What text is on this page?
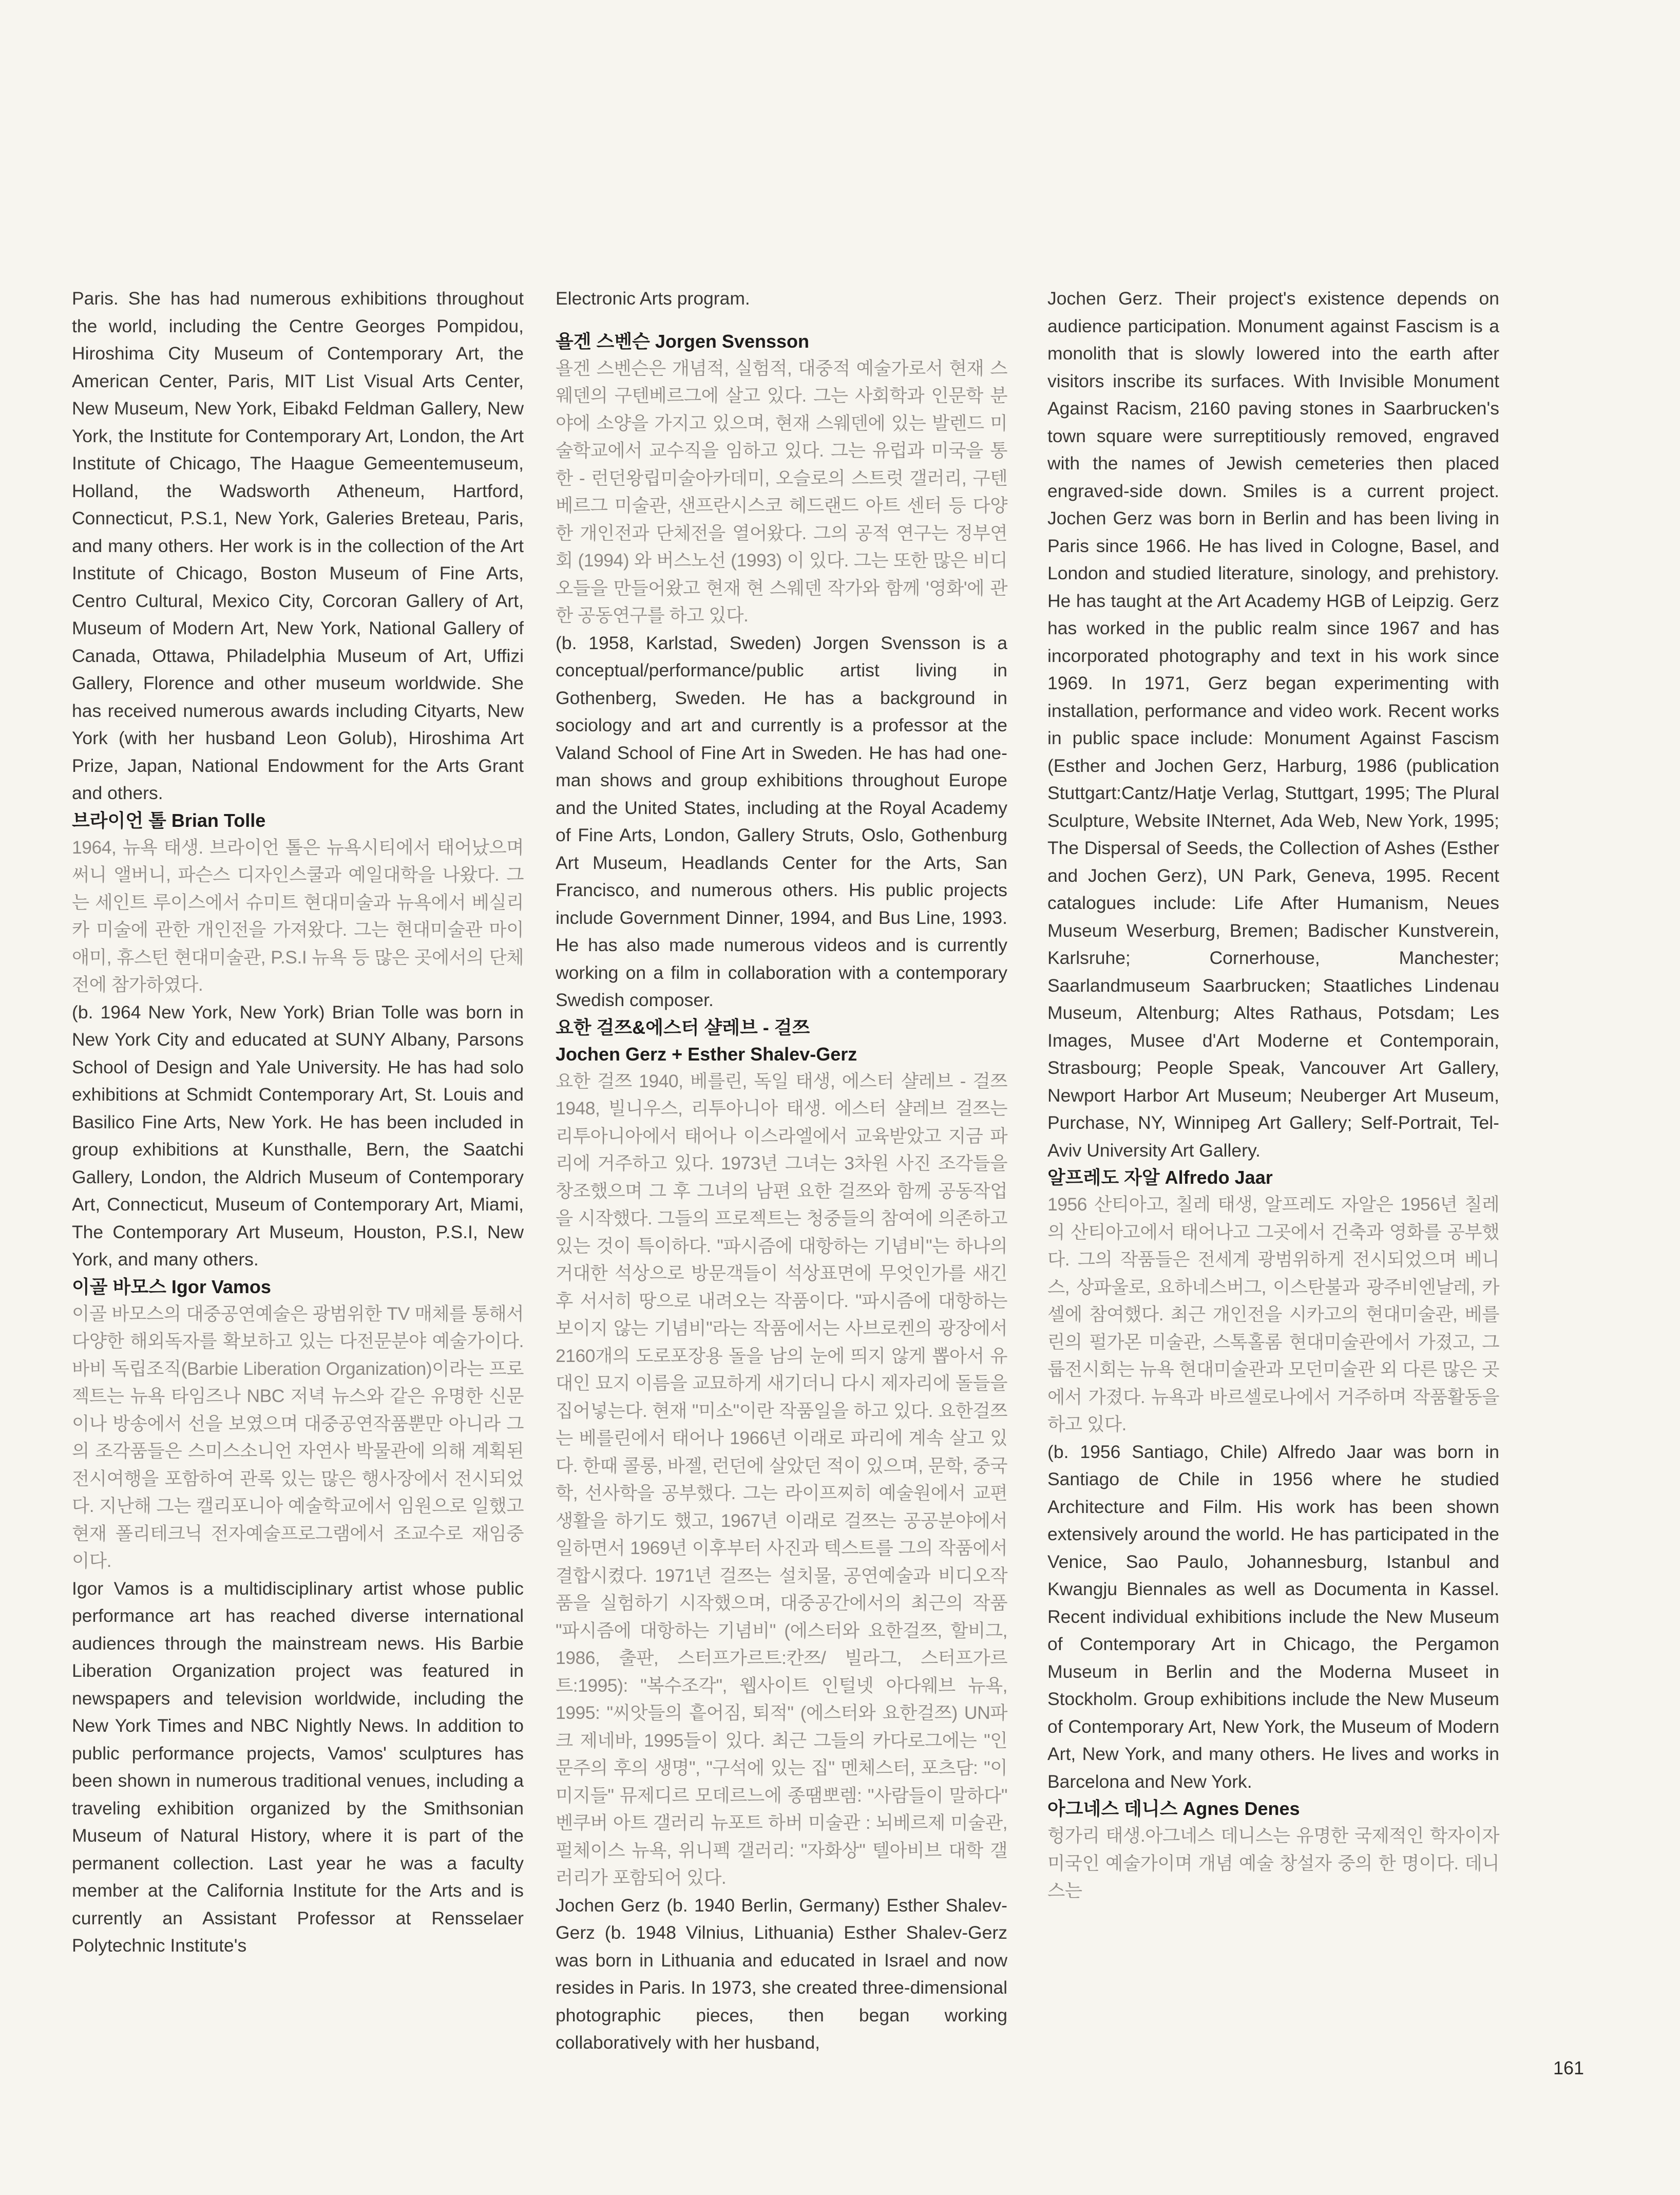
Paris. She has had numerous exhibitions throughout the world, including the Centre Georges Pompidou, Hiroshima City Museum of Contemporary Art, the American Center, Paris, MIT List Visual Arts Center, New Museum, New York, Eibakd Feldman Gallery, New York, the Institute for Contemporary Art, London, the Art Institute of Chicago, The Haague Gemeentemuseum, Holland, the Wadsworth Atheneum, Hartford, Connecticut, P.S.1, New York, Galeries Breteau, Paris, and many others. Her work is in the collection of the Art Institute of Chicago, Boston Museum of Fine Arts, Centro Cultural, Mexico City, Corcoran Gallery of Art, Museum of Modern Art, New York, National Gallery of Canada, Ottawa, Philadelphia Museum of Art, Uffizi Gallery, Florence and other museum worldwide. She has received numerous awards including Cityarts, New York (with her husband Leon Golub), Hiroshima Art Prize, Japan, National Endowment for the Arts Grant and others.

브라이언 톨 Brian Tolle

1964, 뉴욕 태생. 브라이언 톨은 뉴욕시티에서 태어났으며 써니 앨버니, 파슨스 디자인스쿨과 예일대학을 나왔다. 그는 세인트 루이스에서 슈미트 현대미술과 뉴욕에서 베실리카 미술에 관한 개인전을 가져왔다. 그는 현대미술관 마이애미, 휴스턴 현대미술관, P.S.I 뉴욕 등 많은 곳에서의 단체전에 참가하였다.

(b. 1964 New York, New York) Brian Tolle was born in New York City and educated at SUNY Albany, Parsons School of Design and Yale University. He has had solo exhibitions at Schmidt Contemporary Art, St. Louis and Basilico Fine Arts, New York. He has been included in group exhibitions at Kunsthalle, Bern, the Saatchi Gallery, London, the Aldrich Museum of Contemporary Art, Connecticut, Museum of Contemporary Art, Miami, The Contemporary Art Museum, Houston, P.S.I, New York, and many others.

이골 바모스 Igor Vamos

이골 바모스의 대중공연예술은 광범위한 TV 매체를 통해서 다양한 해외독자를 확보하고 있는 다전문분야 예술가이다. 바비 독립조직(Barbie Liberation Organization)이라는 프로젝트는 뉴욕 타임즈나 NBC 저녁 뉴스와 같은 유명한 신문이나 방송에서 선을 보였으며 대중공연작품뿐만 아니라 그의 조각품들은 스미스소니언 자연사 박물관에 의해 계획된 전시여행을 포함하여 관록 있는 많은 행사장에서 전시되었다. 지난해 그는 캘리포니아 예술학교에서 임원으로 일했고 현재 폴리테크닉 전자예술프로그램에서 조교수로 재임중이다.

Igor Vamos is a multidisciplinary artist whose public performance art has reached diverse international audiences through the mainstream news. His Barbie Liberation Organization project was featured in newspapers and television worldwide, including the New York Times and NBC Nightly News. In addition to public performance projects, Vamos' sculptures has been shown in numerous traditional venues, including a traveling exhibition organized by the Smithsonian Museum of Natural History, where it is part of the permanent collection. Last year he was a faculty member at the California Institute for the Arts and is currently an Assistant Professor at Rensselaer Polytechnic Institute's

Electronic Arts program.

욜겐 스벤슨 Jorgen Svensson

욜겐 스벤슨은 개념적, 실험적, 대중적 예술가로서 현재 스웨덴의 구텐베르그에 살고 있다. 그는 사회학과 인문학 분야에 소양을 가지고 있으며, 현재 스웨덴에 있는 발렌드 미술학교에서 교수직을 임하고 있다. 그는 유럽과 미국을 통한 - 런던왕립미술아카데미, 오슬로의 스트럿 갤러리, 구텐베르그 미술관, 샌프란시스코 헤드랜드 아트 센터 등 다양한 개인전과 단체전을 열어왔다. 그의 공적 연구는 정부연회 (1994) 와 버스노선 (1993) 이 있다. 그는 또한 많은 비디오들을 만들어왔고 현재 현 스웨덴 작가와 함께 '영화'에 관한 공동연구를 하고 있다.

(b. 1958, Karlstad, Sweden) Jorgen Svensson is a conceptual/performance/public artist living in Gothenberg, Sweden. He has a background in sociology and art and currently is a professor at the Valand School of Fine Art in Sweden. He has had one-man shows and group exhibitions throughout Europe and the United States, including at the Royal Academy of Fine Arts, London, Gallery Struts, Oslo, Gothenburg Art Museum, Headlands Center for the Arts, San Francisco, and numerous others. His public projects include Government Dinner, 1994, and Bus Line, 1993. He has also made numerous videos and is currently working on a film in collaboration with a contemporary Swedish composer.

요한 걸쯔&에스터 샬레브 - 걸쯔

Jochen Gerz + Esther Shalev-Gerz

요한 걸쯔 1940, 베를린, 독일 태생, 에스터 샬레브 - 걸쯔 1948, 빌니우스, 리투아니아 태생. 에스터 샬레브 걸쯔는 리투아니아에서 태어나 이스라엘에서 교육받았고 지금 파리에 거주하고 있다. 1973년 그녀는 3차원 사진 조각들을 창조했으며 그 후 그녀의 남편 요한 걸쯔와 함께 공동작업을 시작했다. 그들의 프로젝트는 청중들의 참여에 의존하고 있는 것이 특이하다. "파시즘에 대항하는 기념비"는 하나의 거대한 석상으로 방문객들이 석상표면에 무엇인가를 새긴 후 서서히 땅으로 내려오는 작품이다. "파시즘에 대항하는 보이지 않는 기념비"라는 작품에서는 사브로켄의 광장에서 2160개의 도로포장용 돌을 남의 눈에 띄지 않게 뽑아서 유대인 묘지 이름을 교묘하게 새기더니 다시 제자리에 돌들을 집어넣는다. 현재 "미소"이란 작품일을 하고 있다. 요한걸쯔는 베를린에서 태어나 1966년 이래로 파리에 계속 살고 있다. 한때 콜롱, 바젤, 런던에 살았던 적이 있으며, 문학, 중국학, 선사학을 공부했다. 그는 라이프찌히 예술원에서 교편생활을 하기도 했고, 1967년 이래로 걸쯔는 공공분야에서 일하면서 1969년 이후부터 사진과 텍스트를 그의 작품에서 결합시켰다. 1971년 걸쯔는 설치물, 공연예술과 비디오작품을 실험하기 시작했으며, 대중공간에서의 최근의 작품 "파시즘에 대항하는 기념비" (에스터와 요한걸쯔, 할비그, 1986, 출판, 스터프가르트:칸쯔/ 빌라그, 스터프가르트:1995): "복수조각", 웹사이트 인털넷 아다웨브 뉴욕, 1995: "씨앗들의 흩어짐, 퇴적" (에스터와 요한걸쯔) UN파크 제네바, 1995들이 있다. 최근 그들의 카다로그에는 "인문주의 후의 생명", "구석에 있는 집" 멘체스터, 포츠담: "이미지들" 뮤제디르 모데르느에 종땜뽀렘: "사람들이 말하다" 벤쿠버 아트 갤러리 뉴포트 하버 미술관 : 뇌베르제 미술관, 펄체이스 뉴욕, 위니펙 갤러리: "자화상" 텔아비브 대학 갤러리가 포함되어 있다.

Jochen Gerz (b. 1940 Berlin, Germany) Esther Shalev-Gerz (b. 1948 Vilnius, Lithuania) Esther Shalev-Gerz was born in Lithuania and educated in Israel and now resides in Paris. In 1973, she created three-dimensional photographic pieces, then began working collaboratively with her husband,

Jochen Gerz. Their project's existence depends on audience participation. Monument against Fascism is a monolith that is slowly lowered into the earth after visitors inscribe its surfaces. With Invisible Monument Against Racism, 2160 paving stones in Saarbrucken's town square were surreptitiously removed, engraved with the names of Jewish cemeteries then placed engraved-side down. Smiles is a current project. Jochen Gerz was born in Berlin and has been living in Paris since 1966. He has lived in Cologne, Basel, and London and studied literature, sinology, and prehistory. He has taught at the Art Academy HGB of Leipzig. Gerz has worked in the public realm since 1967 and has incorporated photography and text in his work since 1969. In 1971, Gerz began experimenting with installation, performance and video work. Recent works in public space include: Monument Against Fascism (Esther and Jochen Gerz, Harburg, 1986 (publication Stuttgart:Cantz/Hatje Verlag, Stuttgart, 1995; The Plural Sculpture, Website INternet, Ada Web, New York, 1995; The Dispersal of Seeds, the Collection of Ashes (Esther and Jochen Gerz), UN Park, Geneva, 1995. Recent catalogues include: Life After Humanism, Neues Museum Weserburg, Bremen; Badischer Kunstverein, Karlsruhe; Cornerhouse, Manchester; Saarlandmuseum Saarbrucken; Staatliches Lindenau Museum, Altenburg; Altes Rathaus, Potsdam; Les Images, Musee d'Art Moderne et Contemporain, Strasbourg; People Speak, Vancouver Art Gallery, Newport Harbor Art Museum; Neuberger Art Museum, Purchase, NY, Winnipeg Art Gallery; Self-Portrait, Tel-Aviv University Art Gallery.

알프레도 자알 Alfredo Jaar

1956 산티아고, 칠레 태생, 알프레도 자알은 1956년 칠레의 산티아고에서 태어나고 그곳에서 건축과 영화를 공부했다. 그의 작품들은 전세계 광범위하게 전시되었으며 베니스, 상파울로, 요하네스버그, 이스탄불과 광주비엔날레, 카셀에 참여했다. 최근 개인전을 시카고의 현대미술관, 베를린의 펄가몬 미술관, 스톡홀롬 현대미술관에서 가졌고, 그룹전시회는 뉴욕 현대미술관과 모던미술관 외 다른 많은 곳에서 가졌다. 뉴욕과 바르셀로나에서 거주하며 작품활동을 하고 있다.

(b. 1956 Santiago, Chile) Alfredo Jaar was born in Santiago de Chile in 1956 where he studied Architecture and Film. His work has been shown extensively around the world. He has participated in the Venice, Sao Paulo, Johannesburg, Istanbul and Kwangju Biennales as well as Documenta in Kassel. Recent individual exhibitions include the New Museum of Contemporary Art in Chicago, the Pergamon Museum in Berlin and the Moderna Museet in Stockholm. Group exhibitions include the New Museum of Contemporary Art, New York, the Museum of Modern Art, New York, and many others. He lives and works in Barcelona and New York.

아그네스 데니스 Agnes Denes

헝가리 태생.아그네스 데니스는 유명한 국제적인 학자이자 미국인 예술가이며 개념 예술 창설자 중의 한 명이다. 데니스는

161
